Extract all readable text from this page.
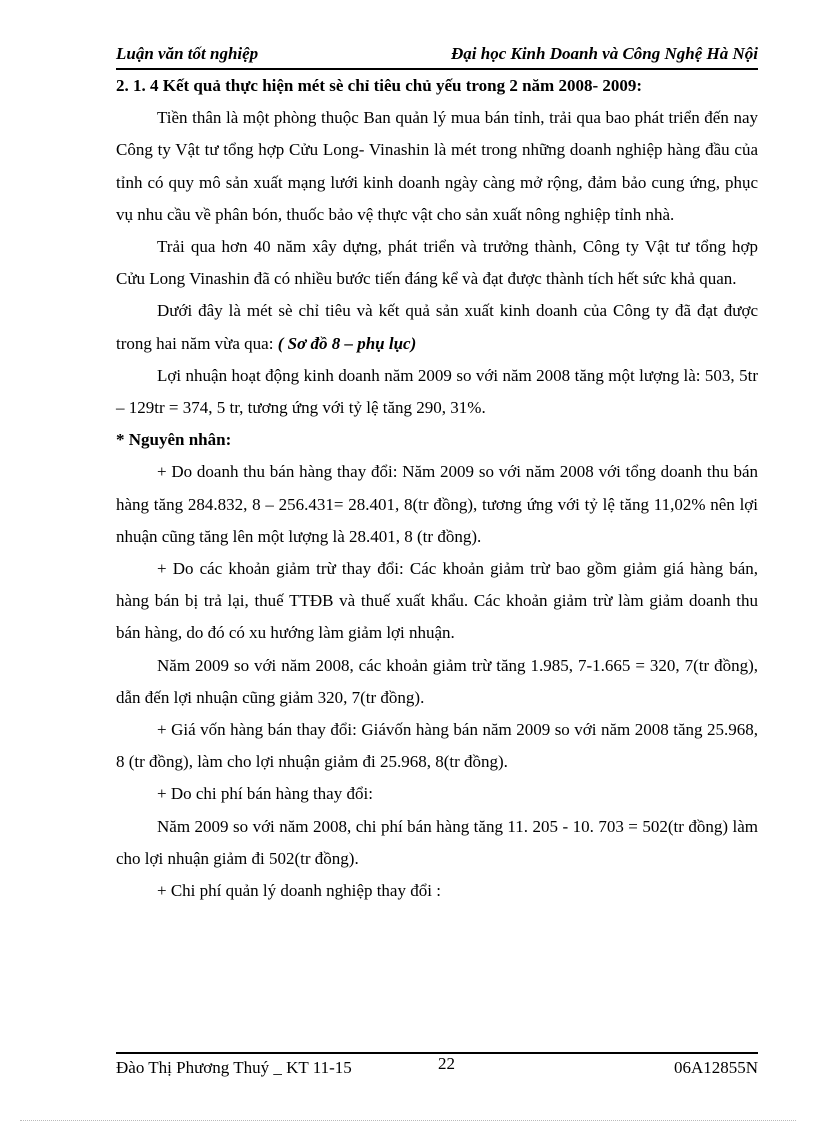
Luận văn tốt nghiệp	Đại học Kinh Doanh và Công Nghệ Hà Nội

2. 1. 4 Kết quả thực hiện mét sè chỉ tiêu chủ yếu trong 2 năm 2008- 2009:

Tiền thân là một phòng thuộc Ban quản lý mua bán tỉnh, trải qua bao phát triển đến nay Công ty Vật tư tổng hợp Cửu Long- Vinashin là mét trong những doanh nghiệp hàng đầu của tỉnh có quy mô sản xuất mạng lưới kinh doanh ngày càng mở rộng, đảm bảo cung ứng, phục vụ nhu cầu về phân bón, thuốc bảo vệ thực vật cho sản xuất nông nghiệp tỉnh nhà.

Trải qua hơn 40 năm xây dựng, phát triển và trưởng thành, Công ty Vật tư tổng hợp Cửu Long Vinashin đã có nhiều bước tiến đáng kể và đạt được thành tích hết sức khả quan.

Dưới đây là mét sè chỉ tiêu và kết quả sản xuất kinh doanh của Công ty đã đạt được trong hai năm vừa qua: ( Sơ đồ 8 – phụ lục)

Lợi nhuận hoạt động kinh doanh năm 2009 so với năm 2008 tăng một lượng là: 503, 5tr – 129tr = 374, 5 tr, tương ứng với tỷ lệ tăng 290, 31%.

* Nguyên nhân:

+ Do doanh thu bán hàng thay đổi: Năm 2009 so với năm 2008 với tổng doanh thu bán hàng tăng 284.832, 8 – 256.431= 28.401, 8(tr đồng), tương ứng với tỷ lệ tăng 11,02% nên lợi nhuận cũng tăng lên một lượng là 28.401, 8 (tr đồng).

+ Do các khoản giảm trừ thay đổi: Các khoản giảm trừ bao gồm giảm giá hàng bán, hàng bán bị trả lại, thuế TTĐB và thuế xuất khẩu. Các khoản giảm trừ làm giảm doanh thu bán hàng, do đó có xu hướng làm giảm lợi nhuận.

Năm 2009 so với năm 2008, các khoản giảm trừ tăng 1.985, 7-1.665 = 320, 7(tr đồng), dẫn đến lợi nhuận cũng giảm 320, 7(tr đồng).

+ Giá vốn hàng bán thay đổi: Giávốn hàng bán năm 2009 so với năm 2008 tăng 25.968, 8 (tr đồng), làm cho lợi nhuận giảm đi 25.968, 8(tr đồng).

+ Do chi phí bán hàng thay đổi:

Năm 2009 so với năm 2008, chi phí bán hàng tăng 11. 205 - 10. 703 = 502(tr đồng) làm cho lợi nhuận giảm đi 502(tr đồng).

+ Chi phí quản lý doanh nghiệp thay đổi :

Đào Thị Phương Thuý _ KT 11-15	22	06A12855N
